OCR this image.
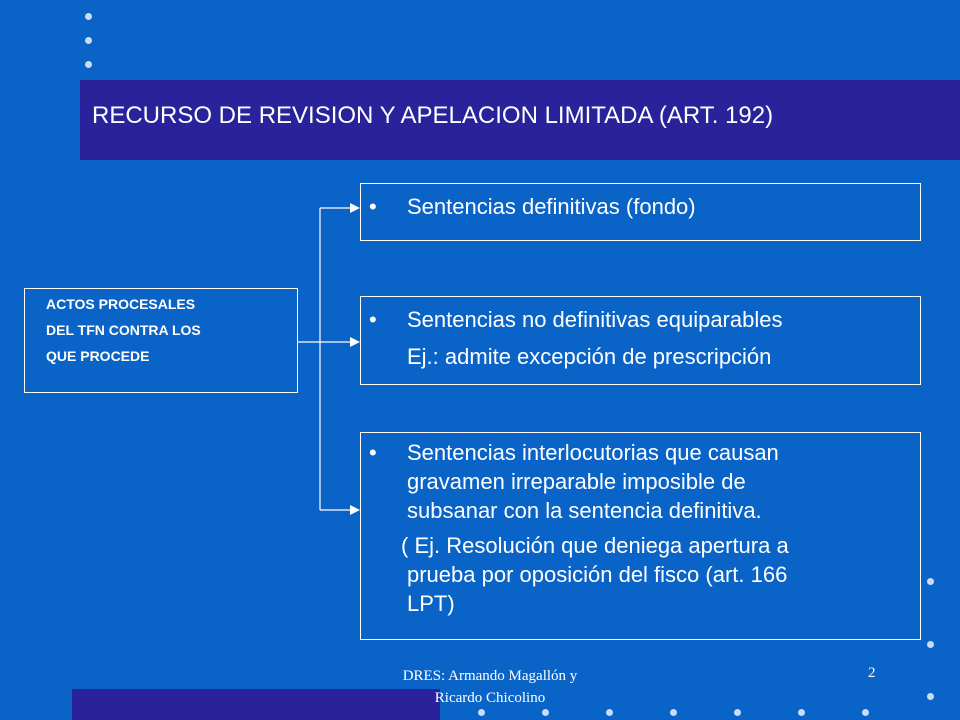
RECURSO DE REVISION Y APELACION LIMITADA (ART. 192)
ACTOS PROCESALES
DEL TFN CONTRA LOS
QUE PROCEDE
• Sentencias definitivas (fondo)
• Sentencias no definitivas equiparables
Ej.: admite excepción de prescripción
• Sentencias interlocutorias que causan
gravamen irreparable imposible de
subsanar con la sentencia definitiva.
( Ej. Resolución que deniega apertura a
prueba por oposición del fisco (art. 166
LPT)
DRES: Armando Magallón y
Ricardo Chicolino
2
